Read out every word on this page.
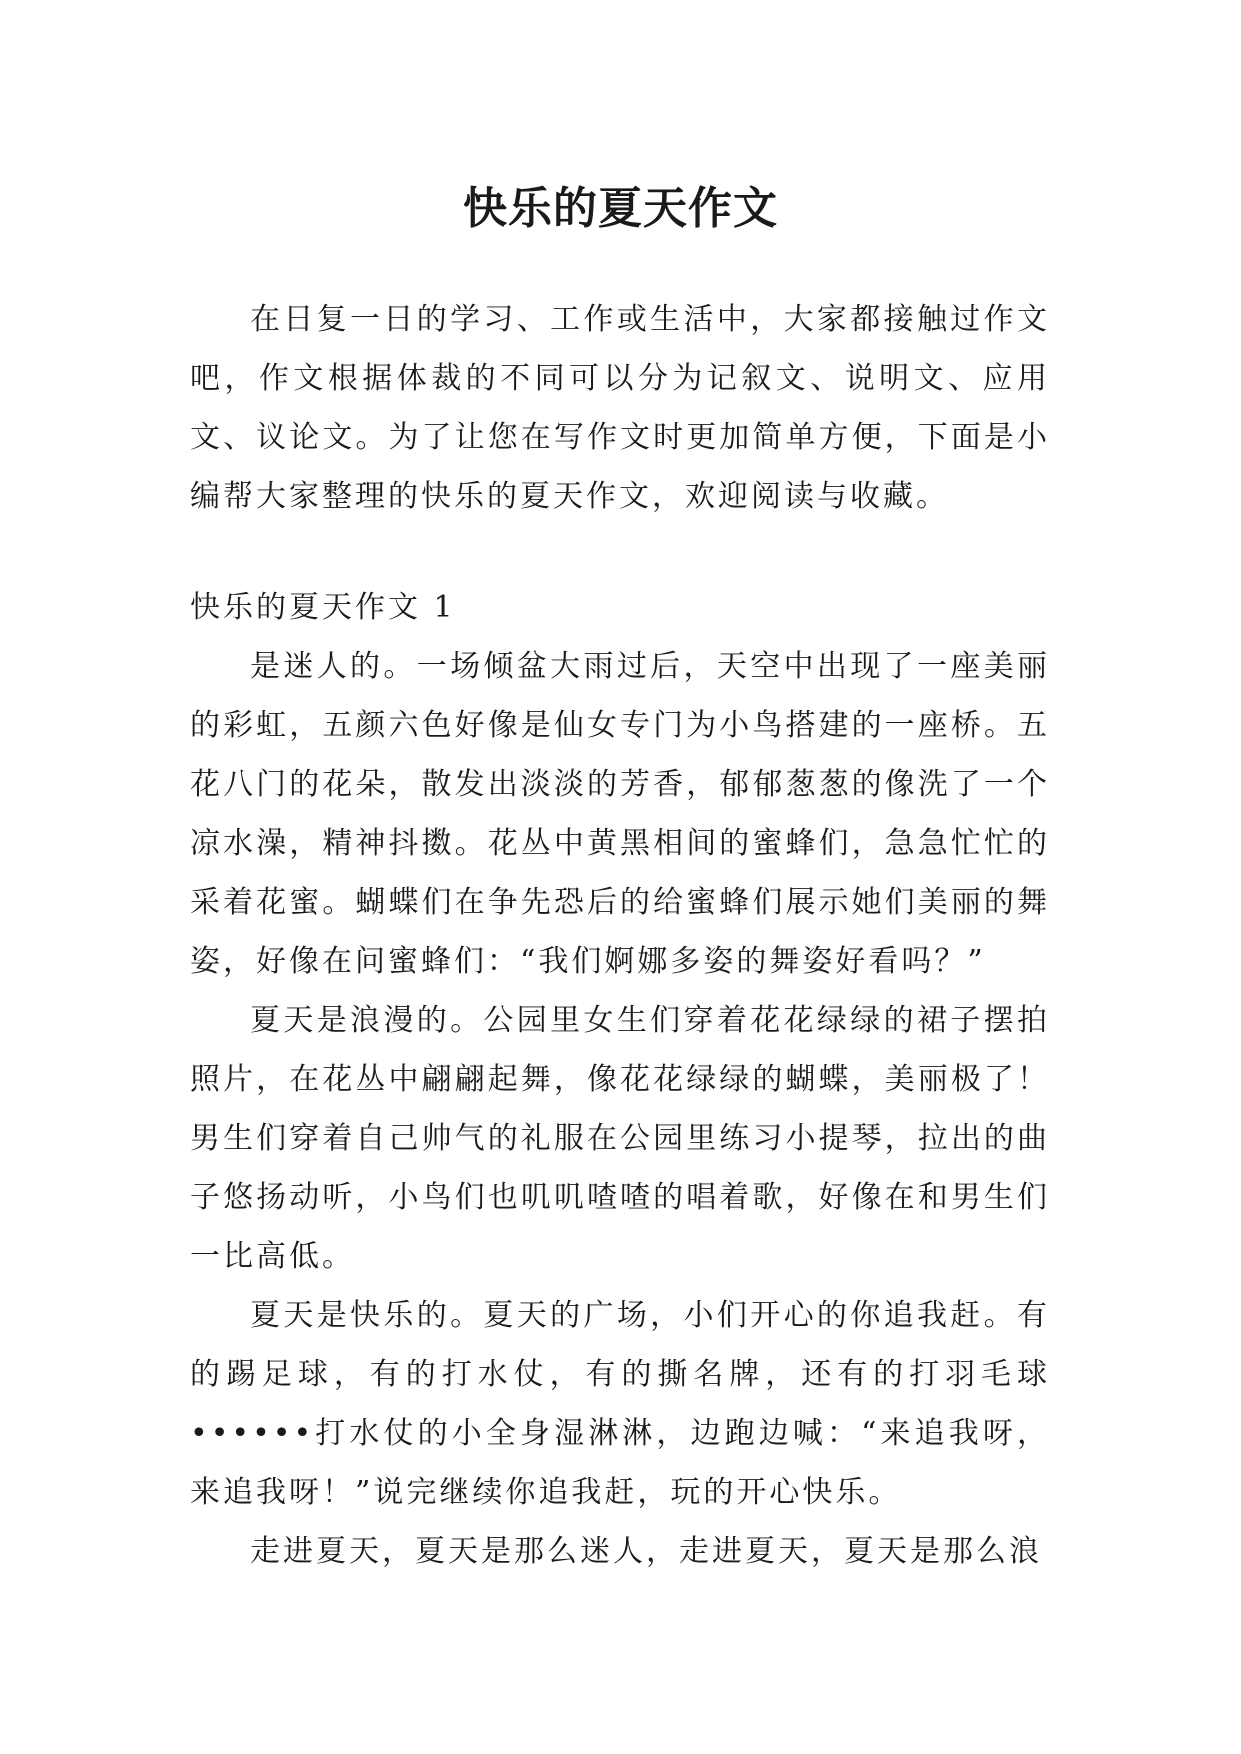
快乐的夏天作文

在日复一日的学习、工作或生活中，大家都接触过作文吧，作文根据体裁的不同可以分为记叙文、说明文、应用文、议论文。为了让您在写作文时更加简单方便，下面是小编帮大家整理的快乐的夏天作文，欢迎阅读与收藏。

快乐的夏天作文 1

是迷人的。一场倾盆大雨过后，天空中出现了一座美丽的彩虹，五颜六色好像是仙女专门为小鸟搭建的一座桥。五花八门的花朵，散发出淡淡的芳香，郁郁葱葱的像洗了一个凉水澡，精神抖擞。花丛中黄黑相间的蜜蜂们，急急忙忙的采着花蜜。蝴蝶们在争先恐后的给蜜蜂们展示她们美丽的舞姿，好像在问蜜蜂们：“我们婀娜多姿的舞姿好看吗？”

夏天是浪漫的。公园里女生们穿着花花绿绿的裙子摆拍照片，在花丛中翩翩起舞，像花花绿绿的蝴蝶，美丽极了！男生们穿着自己帅气的礼服在公园里练习小提琴，拉出的曲子悠扬动听，小鸟们也叽叽喳喳的唱着歌，好像在和男生们一比高低。

夏天是快乐的。夏天的广场，小们开心的你追我赶。有的踢足球，有的打水仗，有的撕名牌，还有的打羽毛球••••••打水仗的小全身湿淋淋，边跑边喊：“来追我呀，来追我呀！”说完继续你追我赶，玩的开心快乐。

走进夏天，夏天是那么迷人，走进夏天，夏天是那么浪
